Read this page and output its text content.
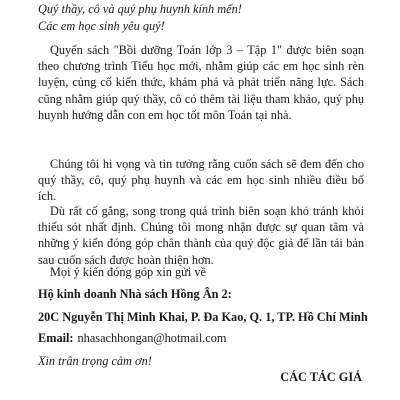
Quý thầy, cô và quý phụ huynh kính mến!
Các em học sinh yêu quý!

Quyển sách "Bồi dưỡng Toán lớp 3 – Tập 1" được biên soạn theo chương trình Tiểu học mới, nhằm giúp các em học sinh rèn luyện, củng cố kiến thức, khám phá và phát triển năng lực. Sách cũng nhằm giúp quý thầy, cô có thêm tài liệu tham khảo, quý phụ huynh hướng dẫn con em học tốt môn Toán tại nhà.

Chúng tôi hi vọng và tin tưởng rằng cuốn sách sẽ đem đến cho quý thầy, cô, quý phụ huynh và các em học sinh nhiều điều bổ ích.

Dù rất cố gắng, song trong quá trình biên soạn khó tránh khỏi thiếu sót nhất định. Chúng tôi mong nhận được sự quan tâm và những ý kiến đóng góp chân thành của quý độc giả để lần tái bản sau cuốn sách được hoàn thiện hơn.

Mọi ý kiến đóng góp xin gửi về
Hộ kinh doanh Nhà sách Hồng Ân 2:
20C Nguyễn Thị Minh Khai, P. Đa Kao, Q. 1, TP. Hồ Chí Minh
Email: nhasachhongan@hotmail.com
Xin trân trọng cảm ơn!
CÁC TÁC GIẢ
